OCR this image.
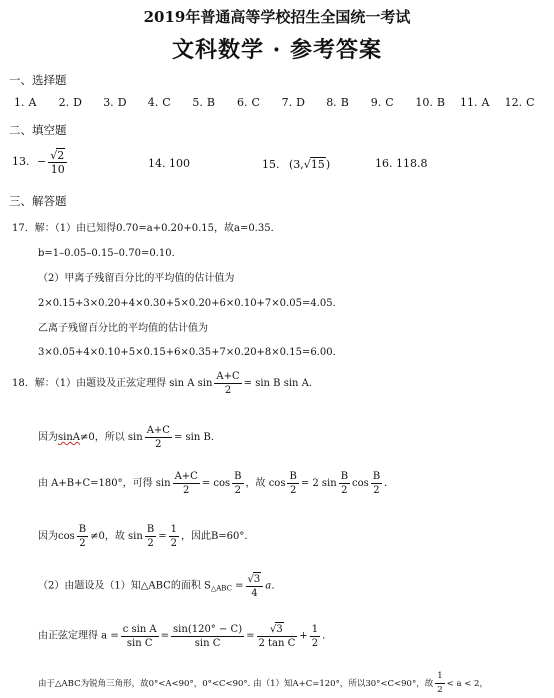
2019年普通高等学校招生全国统一考试
文科数学 · 参考答案
一、选择题
1. A 2. D 3. D 4. C 5. B 6. C 7. D 8. B 9. C 10. B 11. A 12. C
二、填空题
13. − $\frac{√2}{10}$	14. 100	15. (3,√15)	16. 118.8
三、解答题
17．解：（1）由已知得0.70=a+0.20+0.15，故a=0.35．
b=1–0.05–0.15–0.70=0.10．
（2）甲离子残留百分比的平均值的估计值为
2×0.15+3×0.20+4×0.30+5×0.20+6×0.10+7×0.05=4.05．
乙离子残留百分比的平均值的估计值为
3×0.05+4×0.10+5×0.15+6×0.35+7×0.20+8×0.15=6.00．
18．解：（1）由题设及正弦定理得 sin A $\sin \frac{A+C}{2} = \sin B$ sin A．
因为sinA≠0，所以 $\sin \frac{A+C}{2} = \sin B$．
由 A+B+C=180°，可得 $\sin \frac{A+C}{2} = \cos \frac{B}{2}$ ，故 $\cos \frac{B}{2} = 2$ $\sin \frac{B}{2}$ $\cos \frac{B}{2}$ ．
因为$\cos \frac{B}{2} \ne 0$，故 $\sin \frac{B}{2} = \frac{1}{2}$ ，因此B=60°．
（2）由题设及（1）知△ABC的面积 $S_{\triangle ABC} = \frac{√3}{4}$ a．
由正弦定理得 $a = \frac{\text{c sin A}}{\text{sin C}} = \frac{\sin(120^\circ - C)}{\text{sin C}} = \frac{√3}{\text{2 tan C}} + \frac{1}{2}$ ．
由于△ABC为锐角三角形，故0°<A<90°，0°<C<90°. 由（1）知A+C=120°，所以30°<C<90°，故 $\frac{1}{2} < a < 2$，
